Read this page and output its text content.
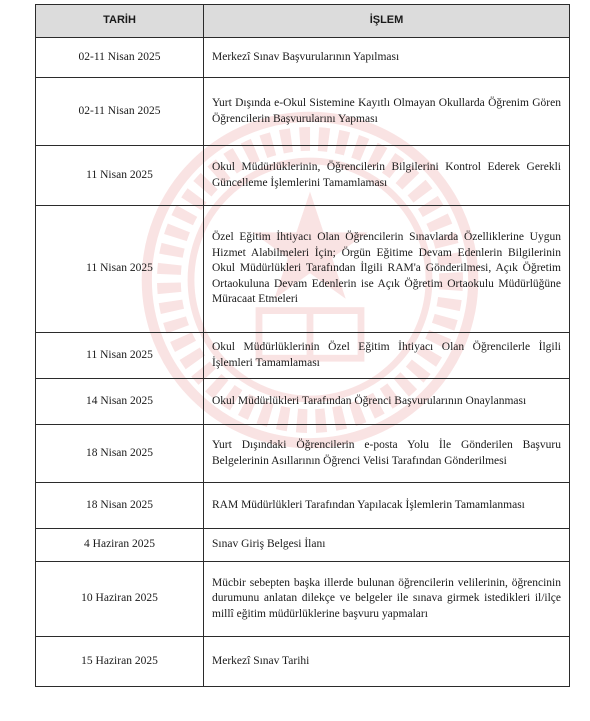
TARİH	İŞLEM
02-11 Nisan 2025	Merkezî Sınav Başvurularının Yapılması
02-11 Nisan 2025	Yurt Dışında e-Okul Sistemine Kayıtlı Olmayan Okullarda Öğrenim Gören Öğrencilerin Başvurularını Yapması
11 Nisan 2025	Okul Müdürlüklerinin, Öğrencilerin Bilgilerini Kontrol Ederek Gerekli Güncelleme İşlemlerini Tamamlaması
11 Nisan 2025	Özel Eğitim İhtiyacı Olan Öğrencilerin Sınavlarda Özelliklerine Uygun Hizmet Alabilmeleri İçin; Örgün Eğitime Devam Edenlerin Bilgilerinin Okul Müdürlükleri Tarafından İlgili RAM'a Gönderilmesi, Açık Öğretim Ortaokuluna Devam Edenlerin ise Açık Öğretim Ortaokulu Müdürlüğüne Müracaat Etmeleri
11 Nisan 2025	Okul Müdürlüklerinin Özel Eğitim İhtiyacı Olan Öğrencilerle İlgili İşlemleri Tamamlaması
14 Nisan 2025	Okul Müdürlükleri Tarafından Öğrenci Başvurularının Onaylanması
18 Nisan 2025	Yurt Dışındaki Öğrencilerin e-posta Yolu İle Gönderilen Başvuru Belgelerinin Asıllarının Öğrenci Velisi Tarafından Gönderilmesi
18 Nisan 2025	RAM Müdürlükleri Tarafından Yapılacak İşlemlerin Tamamlanması
4 Haziran 2025	Sınav Giriş Belgesi İlanı
10 Haziran 2025	Mücbir sebepten başka illerde bulunan öğrencilerin velilerinin, öğrencinin durumunu anlatan dilekçe ve belgeler ile sınava girmek istedikleri il/ilçe millî eğitim müdürlüklerine başvuru yapmaları
15 Haziran 2025	Merkezî Sınav Tarihi
